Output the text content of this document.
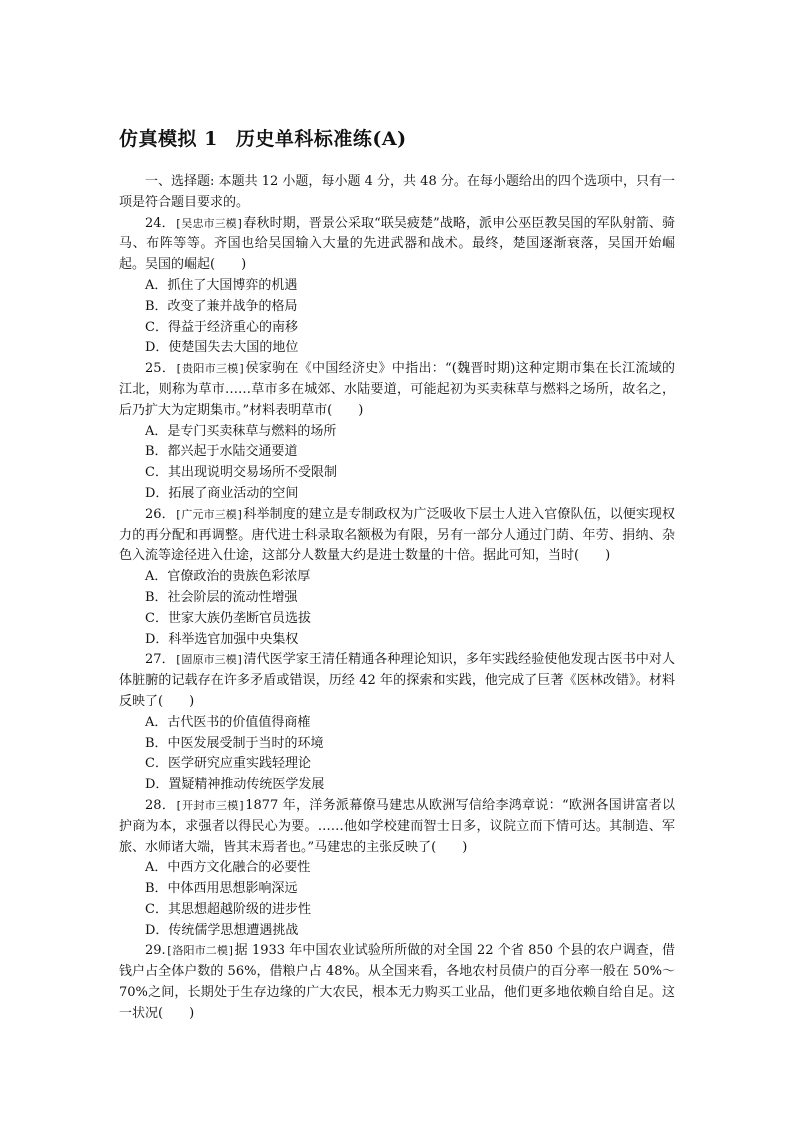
仿真模拟 1 历史单科标准练(A)

一、选择题: 本题共 12 小题，每小题 4 分，共 48 分。在每小题给出的四个选项中，只有一项是符合题目要求的。

24．[吴忠市三模]春秋时期，晋景公采取“联吴疲楚”战略，派申公巫臣教吴国的军队射箭、骑马、布阵等等。齐国也给吴国输入大量的先进武器和战术。最终，楚国逐渐衰落，吴国开始崛起。吴国的崛起( )

A．抓住了大国博弈的机遇

B．改变了兼并战争的格局

C．得益于经济重心的南移

D．使楚国失去大国的地位

25．[贵阳市三模]侯家驹在《中国经济史》中指出：“(魏晋时期)这种定期市集在长江流域的江北，则称为草市……草市多在城郊、水陆要道，可能起初为买卖秣草与燃料之场所，故名之，后乃扩大为定期集市。”材料表明草市( )

A．是专门买卖秣草与燃料的场所

B．都兴起于水陆交通要道

C．其出现说明交易场所不受限制

D．拓展了商业活动的空间

26．[广元市三模]科举制度的建立是专制政权为广泛吸收下层士人进入官僚队伍，以便实现权力的再分配和再调整。唐代进士科录取名额极为有限，另有一部分人通过门荫、年劳、捐纳、杂色入流等途径进入仕途，这部分人数量大约是进士数量的十倍。据此可知，当时( )

A．官僚政治的贵族色彩浓厚

B．社会阶层的流动性增强

C．世家大族仍垄断官员选拔

D．科举选官加强中央集权

27．[固原市三模]清代医学家王清任精通各种理论知识，多年实践经验使他发现古医书中对人体脏腑的记载存在许多矛盾或错误，历经 42 年的探索和实践，他完成了巨著《医林改错》。材料反映了( )

A．古代医书的价值值得商榷

B．中医发展受制于当时的环境

C．医学研究应重实践轻理论

D．置疑精神推动传统医学发展

28．[开封市三模]1877 年，洋务派幕僚马建忠从欧洲写信给李鸿章说：“欧洲各国讲富者以护商为本，求强者以得民心为要。……他如学校建而智士日多，议院立而下情可达。其制造、军旅、水师诸大端，皆其末焉者也。”马建忠的主张反映了( )

A．中西方文化融合的必要性

B．中体西用思想影响深远

C．其思想超越阶级的进步性

D．传统儒学思想遭遇挑战

29.[洛阳市二模]据 1933 年中国农业试验所所做的对全国 22 个省 850 个县的农户调查，借钱户占全体户数的 56%，借粮户占 48%。从全国来看，各地农村员债户的百分率一般在 50%～70%之间，长期处于生存边缘的广大农民，根本无力购买工业品，他们更多地依赖自给自足。这一状况( )
